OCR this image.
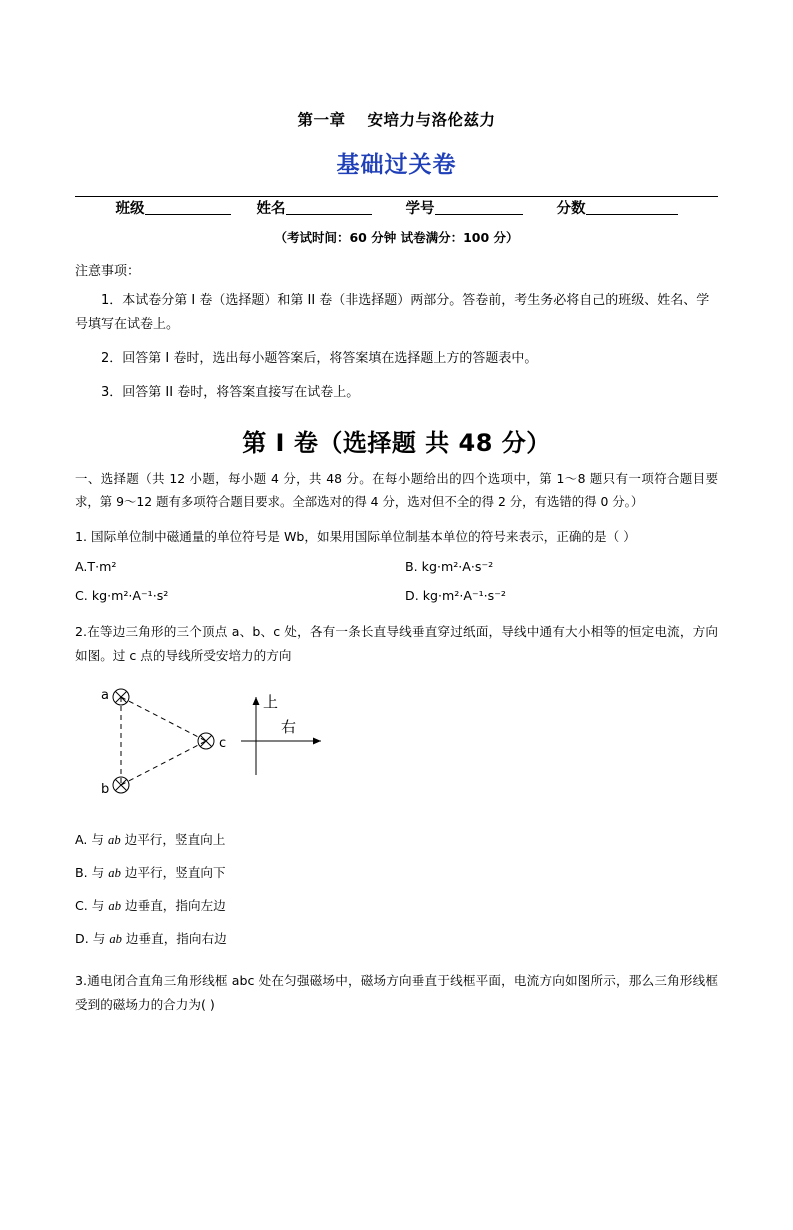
第一章 安培力与洛伦兹力
基础过关卷
班级	姓名	学号	分数
（考试时间：60 分钟 试卷满分：100 分）
注意事项：
1．本试卷分第 I 卷（选择题）和第 II 卷（非选择题）两部分。答卷前，考生务必将自己的班级、姓名、学号填写在试卷上。
2．回答第 I 卷时，选出每小题答案后，将答案填在选择题上方的答题表中。
3．回答第 II 卷时，将答案直接写在试卷上。
第 I 卷（选择题 共 48 分）
一、选择题（共 12 小题，每小题 4 分，共 48 分。在每小题给出的四个选项中，第 1～8 题只有一项符合题目要求，第 9～12 题有多项符合题目要求。全部选对的得 4 分，选对但不全的得 2 分，有选错的得 0 分。）
1. 国际单位制中磁通量的单位符号是 Wb，如果用国际单位制基本单位的符号来表示，正确的是（ ）
A.T·m²	B. kg·m²·A·s⁻²
C. kg·m²·A⁻¹·s²	D. kg·m²·A⁻¹·s⁻²
2.在等边三角形的三个顶点 a、b、c 处，各有一条长直导线垂直穿过纸面，导线中通有大小相等的恒定电流，方向如图。过 c 点的导线所受安培力的方向
a
b
c
上
右
A. 与 ab 边平行，竖直向上
B. 与 ab 边平行，竖直向下
C. 与 ab 边垂直，指向左边
D. 与 ab 边垂直，指向右边
3.通电闭合直角三角形线框 abc 处在匀强磁场中，磁场方向垂直于线框平面，电流方向如图所示，那么三角形线框受到的磁场力的合力为( )
